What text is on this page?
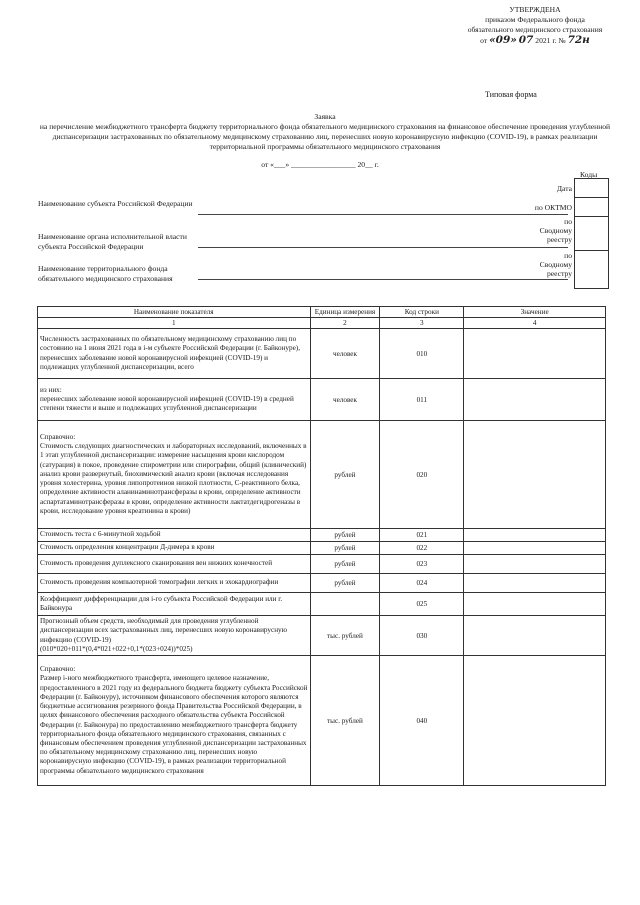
УТВЕРЖДЕНА
приказом Федерального фонда
обязательного медицинского страхования
от «09» 07 2021 г. № 72н
Типовая форма
Заявка
на перечисление межбюджетного трансферта бюджету территориального фонда обязательного медицинского страхования на финансовое обеспечение проведения углубленной диспансеризации застрахованных по обязательному медицинскому страхованию лиц, перенесших новую коронавирусную инфекцию (COVID-19), в рамках реализации территориальной программы обязательного медицинского страхования
от «___» _________________ 20__ г.
Коды
Дата
по ОКТМО
по Сводному реестру
по Сводному реестру
Наименование субъекта Российской Федерации
Наименование органа исполнительной власти субъекта Российской Федерации
Наименование территориального фонда обязательного медицинского страхования
Наименование показателя	Единица измерения	Код строки	Значение
1	2	3	4
Численность застрахованных по обязательному медицинскому страхованию лиц по состоянию на 1 июня 2021 года в i-м субъекте Российской Федерации (г. Байконуре), перенесших заболевание новой коронавирусной инфекцией (COVID-19) и подлежащих углубленной диспансеризации, всего	человек	010	
из них:
перенесших заболевание новой коронавирусной инфекцией (COVID-19) в средней степени тяжести и выше и подлежащих углубленной диспансеризации	человек	011	
Справочно:
Стоимость следующих диагностических и лабораторных исследований, включенных в 1 этап углубленной диспансеризации: измерение насыщения крови кислородом (сатурация) в покое, проведение спирометрии или спирографии, общий (клинический) анализ крови развернутый, биохимический анализ крови (включая исследования уровня холестерина, уровня липопротеинов низкой плотности, С-реактивного белка, определение активности аланинаминотрансферазы в крови, определение активности аспартатаминотрансферазы в крови, определение активности лактатдегидрогеназы в крови, исследование уровня креатинина в крови)	рублей	020	
Стоимость теста с 6-минутной ходьбой	рублей	021	
Стоимость определения концентрации Д-димера в крови	рублей	022	
Стоимость проведения дуплексного сканирования вен нижних конечностей	рублей	023	
Стоимость проведения компьютерной томографии легких и эхокардиографии	рублей	024	
Коэффициент дифференциации для i-го субъекта Российской Федерации или г. Байконура		025	
Прогнозный объем средств, необходимый для проведения углубленной диспансеризации всех застрахованных лиц, перенесших новую коронавирусную инфекцию (COVID-19)
(010*020+011*(0,4*021+022+0,1*(023+024))*025)	тыс. рублей	030	
Справочно:
Размер i-ного межбюджетного трансферта, имеющего целевое назначение, предоставленного в 2021 году из федерального бюджета бюджету субъекта Российской Федерации (г. Байконуру), источником финансового обеспечения которого являются бюджетные ассигнования резервного фонда Правительства Российской Федерации, в целях финансового обеспечения расходного обязательства субъекта Российской Федерации (г. Байконура) по предоставлению межбюджетного трансферта бюджету территориального фонда обязательного медицинского страхования, связанных с финансовым обеспечением проведения углубленной диспансеризации застрахованных по обязательному медицинскому страхованию лиц, перенесших новую коронавирусную инфекцию (COVID-19), в рамках реализации территориальной программы обязательного медицинского страхования	тыс. рублей	040	
